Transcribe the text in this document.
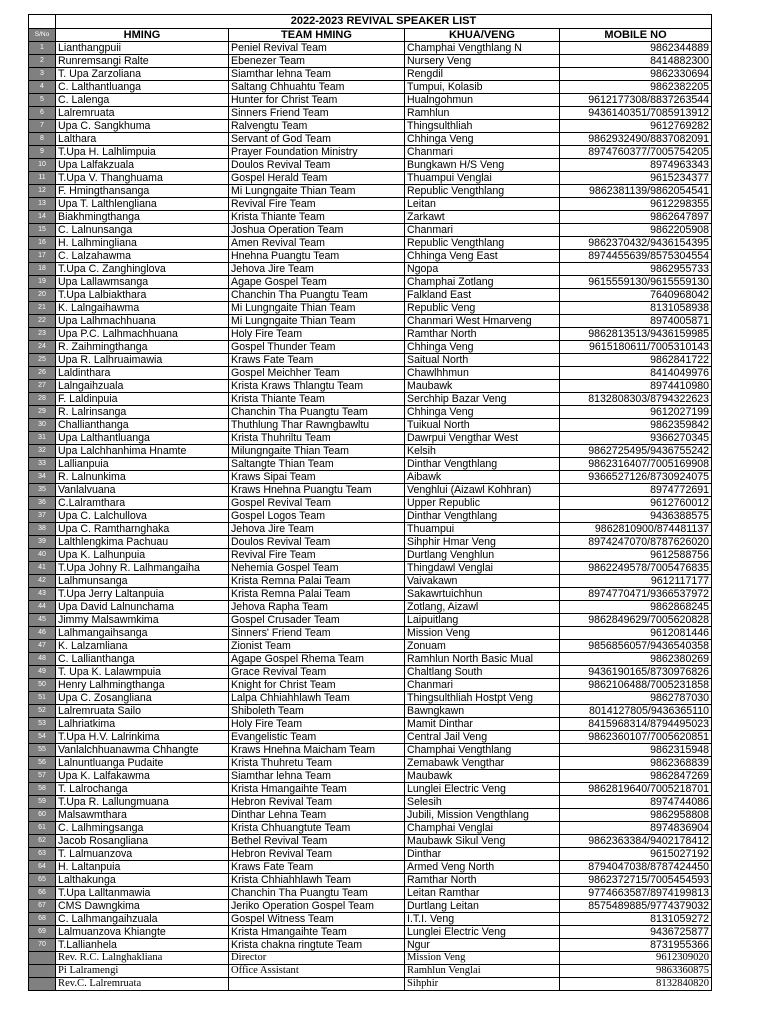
	2022-2023 REVIVAL SPEAKER LIST			
S/No	HMING	TEAM HMING	KHUA/VENG	MOBILE NO
1	Lianthangpuii	Peniel Revival Team	Champhai Vengthlang N	9862344889
2	Runremsangi Ralte	Ebenezer Team	Nursery Veng	8414882300
3	T. Upa Zarzoliana	Siamthar lehna Team	Rengdil	9862330694
4	C. Lalthantluanga	Saltang Chhuahtu Team	Tumpui, Kolasib	9862382205
5	C. Lalenga	Hunter for Christ Team	Hualngohmun	9612177308/8837263544
6	Lalremruata	Sinners Friend Team	Ramhlun	9436140351/7085913912
7	Upa C. Sangkhuma	Ralvengtu Team	Thingsulthliah	9612769282
8	Lalthara	Servant of God Team	Chhinga Veng	9862932490/8837082091
9	T.Upa H. Lalhlimpuia	Prayer Foundation Ministry	Chanmari	8974760377/7005754205
10	Upa Lalfakzuala	Doulos Revival Team	Bungkawn H/S Veng	8974963343
11	T.Upa V. Thanghuama	Gospel Herald Team	Thuampui Venglai	9615234377
12	F. Hmingthansanga	Mi Lungngaite Thian Team	Republic Vengthlang	9862381139/9862054541
13	Upa T. Lalthlengliana	Revival Fire Team	Leitan	9612298355
14	Biakhmingthanga	Krista Thiante Team	Zarkawt	9862647897
15	C. Lalnunsanga	Joshua Operation Team	Chanmari	9862205908
16	H. Lalhmingliana	Amen Revival Team	Republic Vengthlang	9862370432/9436154395
17	C. Lalzahawma	Hnehna Puangtu Team	Chhinga Veng East	8974455639/8575304554
18	T.Upa C. Zanghinglova	Jehova Jire Team	Ngopa	9862955733
19	Upa Lallawmsanga	Agape Gospel Team	Champhai Zotlang	9615559130/9615559130
20	T.Upa Lalbiakthara	Chanchin Tha Puangtu Team	Falkland East	7640968042
21	K. Lalngaihawma	Mi Lungngaite Thian Team	Republic Veng	8131058938
22	Upa Lalhmachhuana	Mi Lungngaite Thian Team	Chanmari West Hmarveng	8974005871
23	Upa P.C. Lalhmachhuana	Holy Fire Team	Ramthar North	9862813513/9436159985
24	R. Zaihmingthanga	Gospel Thunder Team	Chhinga Veng	9615180611/7005310143
25	Upa R. Lalhruaimawia	Kraws Fate Team	Saitual North	9862841722
26	Laldinthara	Gospel Meichher Team	Chawlhhmun	8414049976
27	Lalngaihzuala	Krista Kraws Thlangtu Team	Maubawk	8974410980
28	F. Laldinpuia	Krista Thiante Team	Serchhip Bazar Veng	8132808303/8794322623
29	R. Lalrinsanga	Chanchin Tha Puangtu Team	Chhinga Veng	9612027199
30	Challianthanga	Thuthlung Thar Rawngbawltu	Tuikual North	9862359842
31	Upa Lalthantluanga	Krista Thuhriltu Team	Dawrpui Vengthar West	9366270345
32	Upa Lalchhanhima Hnamte	Milungngaite Thian Team	Kelsih	9862725495/9436755242
33	Lallianpuia	Saltangte Thian Team	Dinthar Vengthlang	9862316407/7005169908
34	R. Lalnunkima	Kraws Sipai Team	Aibawk	9366527126/8730924075
35	Vanlalvuana	Kraws Hnehna Puangtu Team	Venghlui (Aizawl Kohhran)	8974772691
36	C.Lalramthara	Gospel Revival Team	Upper Republic	9612760012
37	Upa C. Lalchullova	Gospel Logos Team	Dinthar Vengthlang	9436388575
38	Upa C. Ramtharnghaka	Jehova Jire Team	Thuampui	9862810900/874481137
39	Lalthlengkima Pachuau	Doulos Revival Team	Sihphir Hmar Veng	8974247070/8787626020
40	Upa K. Lalhunpuia	Revival Fire Team	Durtlang Venghlun	9612588756
41	T.Upa Johny R. Lalhmangaiha	Nehemia Gospel Team	Thingdawl Venglai	9862249578/7005476835
42	Lalhmunsanga	Krista Remna Palai Team	Vaivakawn	9612117177
43	T.Upa Jerry Laltanpuia	Krista Remna Palai Team	Sakawrtuichhun	8974770471/9366537972
44	Upa David Lalnunchama	Jehova Rapha Team	Zotlang, Aizawl	9862868245
45	Jimmy Malsawmkima	Gospel Crusader Team	Laipuitlang	9862849629/7005620828
46	Lalhmangaihsanga	Sinners' Friend Team	Mission Veng	9612081446
47	K. Lalzamliana	Zionist Team	Zonuam	9856856057/9436540358
48	C. Lallianthanga	Agape Gospel Rhema Team	Ramhlun North Basic Mual	9862380269
49	T. Upa K. Lalawmpuia	Grace Revival Team	Chaltlang South	9436190165/8730976826
50	Henry Lalhmingthanga	Knight for Christ Team	Chanmari	9862106488/7005231858
51	Upa C. Zosangliana	Lalpa Chhiahhlawh Team	Thingsulthliah Hostpt Veng	9862787030
52	Lalremruata Sailo	Shiboleth Team	Bawngkawn	8014127805/9436365110
53	Lalhriatkima	Holy Fire Team	Mamit Dinthar	8415968314/8794495023
54	T.Upa H.V. Lalrinkima	Evangelistic Team	Central Jail Veng	9862360107/7005620851
55	Vanlalchhuanawma Chhangte	Kraws Hnehna Maicham Team	Champhai Vengthlang	9862315948
56	Lalnuntluanga Pudaite	Krista Thuhretu Team	Zemabawk Vengthar	9862368839
57	Upa K. Lalfakawma	Siamthar lehna Team	Maubawk	9862847269
58	T. Lalrochanga	Krista Hmangaihte Team	Lunglei Electric Veng	9862819640/7005218701
59	T.Upa R. Lallungmuana	Hebron Revival Team	Selesih	8974744086
60	Malsawmthara	Dinthar Lehna Team	Jubili, Mission Vengthlang	9862958808
61	C. Lalhmingsanga	Krista Chhuangtute Team	Champhai Venglai	8974836904
62	Jacob Rosangliana	Bethel Revival Team	Maubawk Sikul Veng	9862363384/9402178412
63	T. Lalmuanzova	Hebron Revival Team	Dinthar	9615027192
64	H. Laltanpuia	Kraws Fate Team	Armed Veng North	8794047038/8787424450
65	Lalthakunga	Krista Chhiahhlawh Team	Ramthar North	9862372715/7005454593
66	T.Upa Lalltanmawia	Chanchin Tha Puangtu Team	Leitan Ramthar	9774663587/8974199813
67	CMS Dawngkima	Jeriko Operation Gospel Team	Durtlang Leitan	8575489885/9774379032
68	C. Lalhmangaihzuala	Gospel Witness Team	I.T.I. Veng	8131059272
69	Lalmuanzova Khiangte	Krista Hmangaihte Team	Lunglei Electric Veng	9436725877
70	T.Lallianhela	Krista chakna ringtute Team	Ngur	8731955366
	Rev. R.C. Lalnghakliana	Director	Mission Veng	9612309020
	Pi Lalramengi	Office Assistant	Ramhlun Venglai	9863360875
	Rev.C. Lalremruata		Sihphir	8132840820
